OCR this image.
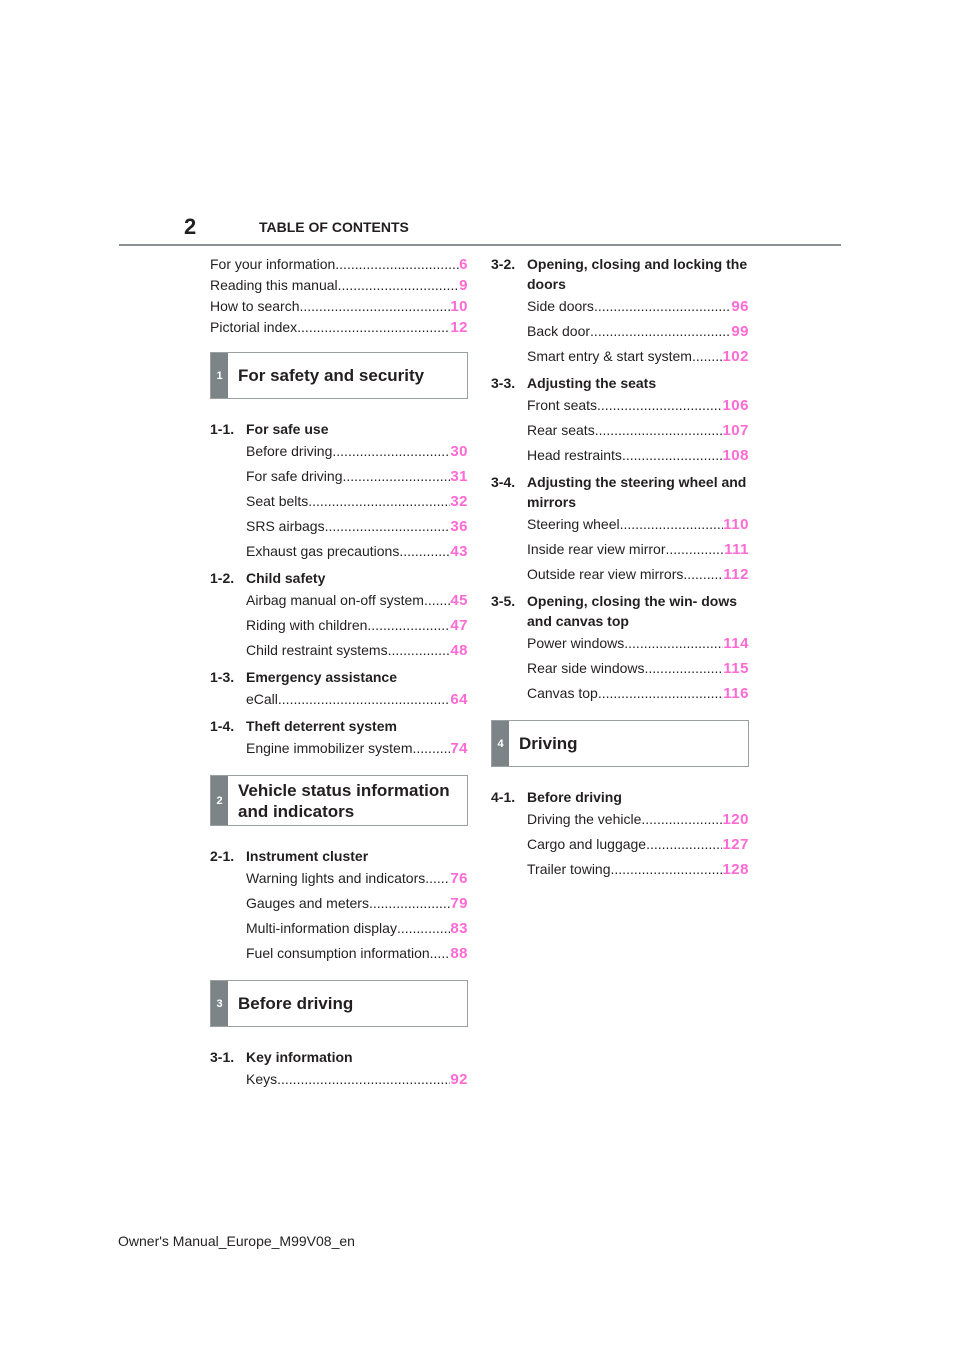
2	TABLE OF CONTENTS
For your information .....	6
Reading this manual .....	9
How to search .....	10
Pictorial index .....	12
1 For safety and security
1-1. For safe use
Before driving .....	30
For safe driving .....	31
Seat belts .....	32
SRS airbags .....	36
Exhaust gas precautions .....	43
1-2. Child safety
Airbag manual on-off system ..... 45
Riding with children .....	47
Child restraint systems .....	48
1-3. Emergency assistance
eCall .....	64
1-4. Theft deterrent system
Engine immobilizer system .....	74
2
Vehicle status information and indicators
2-1. Instrument cluster
Warning lights and indicators ..... 76
Gauges and meters .....	79
Multi-information display .....	83
Fuel consumption information ..... 88
3 Before driving
3-1. Key information
Keys .....	92
3-2. Opening, closing and locking the doors
Side doors .....	96
Back door .....	99
Smart entry & start system ..... 102
3-3. Adjusting the seats
Front seats .....	106
Rear seats .....	107
Head restraints .....	108
3-4. Adjusting the steering wheel and mirrors
Steering wheel .....	110
Inside rear view mirror .....	111
Outside rear view mirrors .....	112
3-5. Opening, closing the win- dows and canvas top
Power windows .....	114
Rear side windows .....	115
Canvas top .....	116
4 Driving
4-1. Before driving
Driving the vehicle .....	120
Cargo and luggage .....	127
Trailer towing .....	128
Owner's Manual_Europe_M99V08_en
